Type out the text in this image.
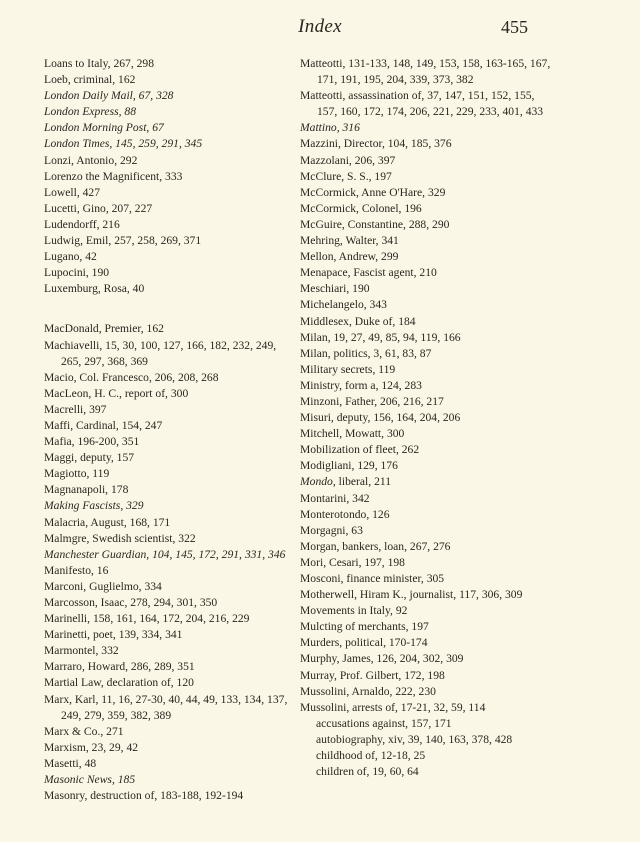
Index	455
Loans to Italy, 267, 298
Loeb, criminal, 162
London Daily Mail, 67, 328
London Express, 88
London Morning Post, 67
London Times, 145, 259, 291, 345
Lonzi, Antonio, 292
Lorenzo the Magnificent, 333
Lowell, 427
Lucetti, Gino, 207, 227
Ludendorff, 216
Ludwig, Emil, 257, 258, 269, 371
Lugano, 42
Lupocini, 190
Luxemburg, Rosa, 40
MacDonald, Premier, 162
Machiavelli, 15, 30, 100, 127, 166, 182, 232, 249, 265, 297, 368, 369
Macio, Col. Francesco, 206, 208, 268
MacLeon, H. C., report of, 300
Macrelli, 397
Maffi, Cardinal, 154, 247
Mafia, 196-200, 351
Maggi, deputy, 157
Magiotto, 119
Magnanapoli, 178
Making Fascists, 329
Malacria, August, 168, 171
Malmgre, Swedish scientist, 322
Manchester Guardian, 104, 145, 172, 291, 331, 346
Manifesto, 16
Marconi, Guglielmo, 334
Marcosson, Isaac, 278, 294, 301, 350
Marinelli, 158, 161, 164, 172, 204, 216, 229
Marinetti, poet, 139, 334, 341
Marmontel, 332
Marraro, Howard, 286, 289, 351
Martial Law, declaration of, 120
Marx, Karl, 11, 16, 27-30, 40, 44, 49, 133, 134, 137, 249, 279, 359, 382, 389
Marx & Co., 271
Marxism, 23, 29, 42
Masetti, 48
Masonic News, 185
Masonry, destruction of, 183-188, 192-194
Matteotti, 131-133, 148, 149, 153, 158, 163-165, 167, 171, 191, 195, 204, 339, 373, 382
Matteotti, assassination of, 37, 147, 151, 152, 155, 157, 160, 172, 174, 206, 221, 229, 233, 401, 433
Mattino, 316
Mazzini, Director, 104, 185, 376
Mazzolani, 206, 397
McClure, S. S., 197
McCormick, Anne O'Hare, 329
McCormick, Colonel, 196
McGuire, Constantine, 288, 290
Mehring, Walter, 341
Mellon, Andrew, 299
Menapace, Fascist agent, 210
Meschiari, 190
Michelangelo, 343
Middlesex, Duke of, 184
Milan, 19, 27, 49, 85, 94, 119, 166
Milan, politics, 3, 61, 83, 87
Military secrets, 119
Ministry, form a, 124, 283
Minzoni, Father, 206, 216, 217
Misuri, deputy, 156, 164, 204, 206
Mitchell, Mowatt, 300
Mobilization of fleet, 262
Modigliani, 129, 176
Mondo, liberal, 211
Montarini, 342
Monterotondo, 126
Morgagni, 63
Morgan, bankers, loan, 267, 276
Mori, Cesari, 197, 198
Mosconi, finance minister, 305
Motherwell, Hiram K., journalist, 117, 306, 309
Movements in Italy, 92
Mulcting of merchants, 197
Murders, political, 170-174
Murphy, James, 126, 204, 302, 309
Murray, Prof. Gilbert, 172, 198
Mussolini, Arnaldo, 222, 230
Mussolini, arrests of, 17-21, 32, 59, 114
accusations against, 157, 171
autobiography, xiv, 39, 140, 163, 378, 428
childhood of, 12-18, 25
children of, 19, 60, 64
